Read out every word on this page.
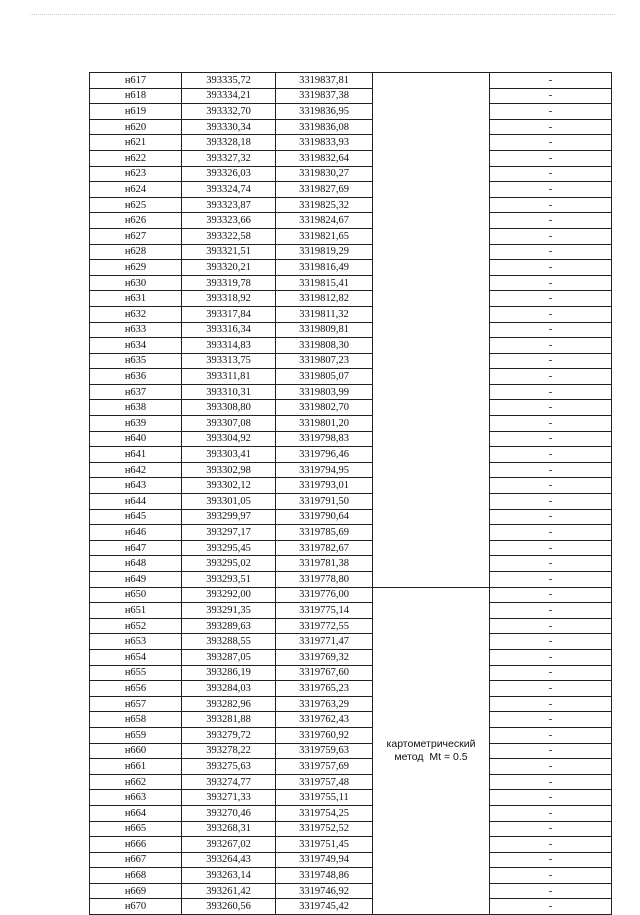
н617	393335,72	3319837,81		-
н618	393334,21	3319837,38		-
н619	393332,70	3319836,95		-
н620	393330,34	3319836,08		-
н621	393328,18	3319833,93		-
н622	393327,32	3319832,64		-
н623	393326,03	3319830,27		-
н624	393324,74	3319827,69		-
н625	393323,87	3319825,32		-
н626	393323,66	3319824,67		-
н627	393322,58	3319821,65		-
н628	393321,51	3319819,29		-
н629	393320,21	3319816,49		-
н630	393319,78	3319815,41		-
н631	393318,92	3319812,82		-
н632	393317,84	3319811,32		-
н633	393316,34	3319809,81		-
н634	393314,83	3319808,30		-
н635	393313,75	3319807,23		-
н636	393311,81	3319805,07		-
н637	393310,31	3319803,99		-
н638	393308,80	3319802,70		-
н639	393307,08	3319801,20		-
н640	393304,92	3319798,83		-
н641	393303,41	3319796,46		-
н642	393302,98	3319794,95		-
н643	393302,12	3319793,01		-
н644	393301,05	3319791,50		-
н645	393299,97	3319790,64		-
н646	393297,17	3319785,69		-
н647	393295,45	3319782,67		-
н648	393295,02	3319781,38		-
н649	393293,51	3319778,80		-
н650	393292,00	3319776,00	картометрический
метод  Mt = 0.5	-
н651	393291,35	3319775,14		-
н652	393289,63	3319772,55		-
н653	393288,55	3319771,47		-
н654	393287,05	3319769,32		-
н655	393286,19	3319767,60		-
н656	393284,03	3319765,23		-
н657	393282,96	3319763,29		-
н658	393281,88	3319762,43		-
н659	393279,72	3319760,92		-
н660	393278,22	3319759,63		-
н661	393275,63	3319757,69		-
н662	393274,77	3319757,48		-
н663	393271,33	3319755,11		-
н664	393270,46	3319754,25		-
н665	393268,31	3319752,52		-
н666	393267,02	3319751,45		-
н667	393264,43	3319749,94		-
н668	393263,14	3319748,86		-
н669	393261,42	3319746,92		-
н670	393260,56	3319745,42		-
